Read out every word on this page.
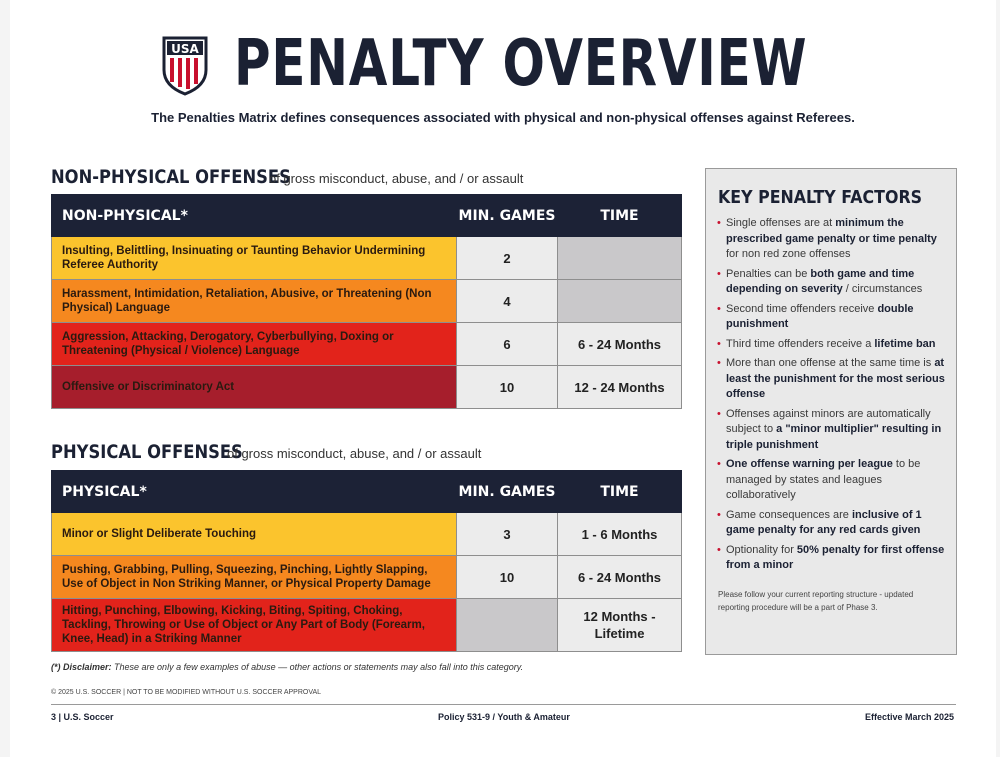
USA PENALTY OVERVIEW
The Penalties Matrix defines consequences associated with physical and non-physical offenses against Referees.
NON-PHYSICAL OFFENSES
of gross misconduct, abuse, and / or assault
NON-PHYSICAL*	MIN. GAMES	TIME
Insulting, Belittling, Insinuating or Taunting Behavior Undermining Referee Authority	2	
Harassment, Intimidation, Retaliation, Abusive, or Threatening (Non Physical) Language	4	
Aggression, Attacking, Derogatory, Cyberbullying, Doxing or Threatening (Physical / Violence) Language	6	6 - 24 Months
Offensive or Discriminatory Act	10	12 - 24 Months
PHYSICAL OFFENSES
of gross misconduct, abuse, and / or assault
PHYSICAL*	MIN. GAMES	TIME
Minor or Slight Deliberate Touching	3	1 - 6 Months
Pushing, Grabbing, Pulling, Squeezing, Pinching, Lightly Slapping, Use of Object in Non Striking Manner, or Physical Property Damage	10	6 - 24 Months
Hitting, Punching, Elbowing, Kicking, Biting, Spiting, Choking, Tackling, Throwing or Use of Object or Any Part of Body (Forearm, Knee, Head) in a Striking Manner		12 Months - Lifetime
KEY PENALTY FACTORS
• Single offenses are at minimum the prescribed game penalty or time penalty for non red zone offenses
• Penalties can be both game and time depending on severity / circumstances
• Second time offenders receive double punishment
• Third time offenders receive a lifetime ban
• More than one offense at the same time is at least the punishment for the most serious offense
• Offenses against minors are automatically subject to a "minor multiplier" resulting in triple punishment
• One offense warning per league to be managed by states and leagues collaboratively
• Game consequences are inclusive of 1 game penalty for any red cards given
• Optionality for 50% penalty for first offense from a minor
Please follow your current reporting structure - updated reporting procedure will be a part of Phase 3.
(*) Disclaimer: These are only a few examples of abuse — other actions or statements may also fall into this category.
© 2025 U.S. SOCCER | NOT TO BE MODIFIED WITHOUT U.S. SOCCER APPROVAL
3 | U.S. Soccer	Policy 531-9 / Youth & Amateur	Effective March 2025
